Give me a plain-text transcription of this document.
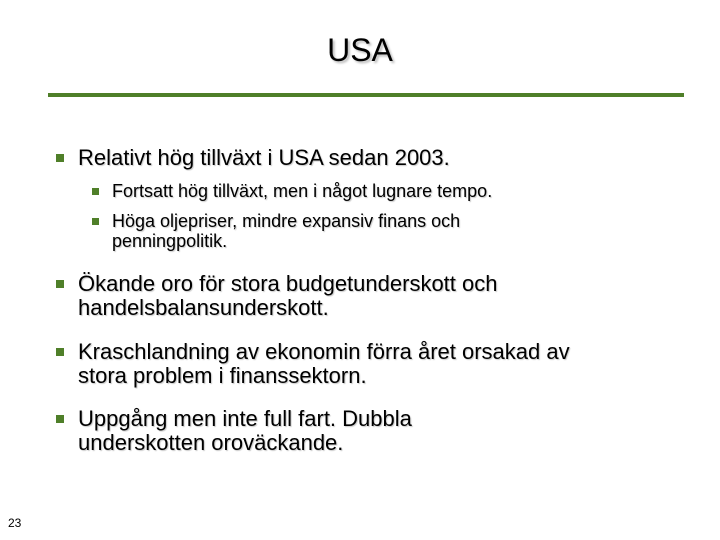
USA
Relativt hög tillväxt i USA sedan 2003.
Fortsatt hög tillväxt, men i något lugnare tempo.
Höga oljepriser, mindre expansiv finans och penningpolitik.
Ökande oro för stora budgetunderskott och handelsbalansunderskott.
Kraschlandning av ekonomin förra året orsakad av stora problem i finanssektorn.
Uppgång men inte full fart. Dubbla underskotten oroväckande.
23
